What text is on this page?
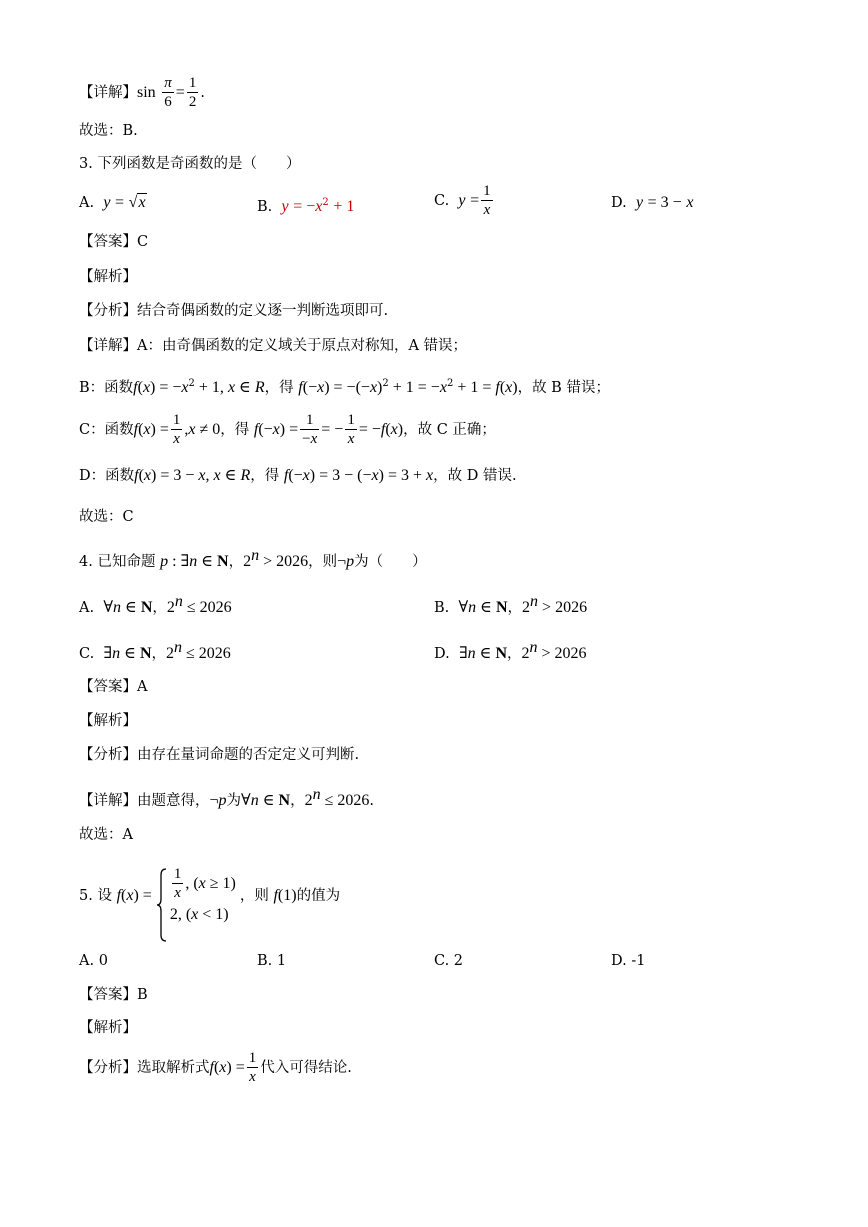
【详解】$\sin \frac{\pi}{6} = \frac{1}{2}$ .
故选：B.
3. 下列函数是奇函数的是（　　）
A. y = √x	B. $y = -x^2 + 1$	C. $y = \frac{1}{x}$	D. y = 3 − x
【答案】C
【解析】
【分析】结合奇偶函数的定义逐一判断选项即可.
【详解】A：由奇偶函数的定义域关于原点对称知，A 错误；
B：函数$f(x) = -x^2 + 1$, x ∈ R，得 $f(-x) = -(-x)^2 + 1 = -x^2 + 1 = f(x)$，故 B 错误；
C：函数$f(x) = \frac{1}{x} ,x \ne 0$，得 $f(-x) = \frac{1}{-x}$ = − $\frac{1}{x} = -f(x)$，故 C 正确；
D：函数f(x) = 3 − x, x ∈ R，得 f(−x) = 3 − (−x) = 3 + x，故 D 错误.
故选：C
4. 已知命题 p : ∃n ∈ N，$2^n > 2026$，则¬p为（　　）
A. ∀n ∈ N，$2^n \le 2026$	B. ∀n ∈ N，$2^n > 2026$
C. ∃n ∈ N，$2^n \le 2026$	D. ∃n ∈ N，$2^n > 2026$
【答案】A
【解析】
【分析】由存在量词命题的否定定义可判断.
【详解】由题意得，¬p为∀n ∈ N，$2^n \le 2026$.
故选：A
5. 设
f ( x ) = $\frac{1}{x}$ , (x ≥ 1)
2, (x < 1)
，则
f (1) 的值为
A. 0	B. 1	C. 2	D. -1
【答案】B
【解析】
【分析】选取解析式$f(x) = \frac{1}{x}$ 代入可得结论.
